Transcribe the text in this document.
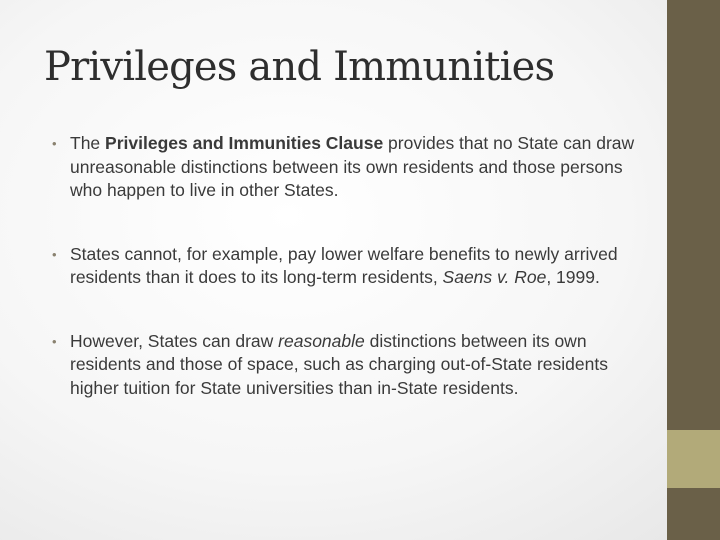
Privileges and Immunities
• The Privileges and Immunities Clause provides that no State can draw unreasonable distinctions between its own residents and those persons who happen to live in other States.
• States cannot, for example, pay lower welfare benefits to newly arrived residents than it does to its long-term residents, Saens v. Roe, 1999.
• However, States can draw reasonable distinctions between its own residents and those of space, such as charging out-of-State residents higher tuition for State universities than in-State residents.
